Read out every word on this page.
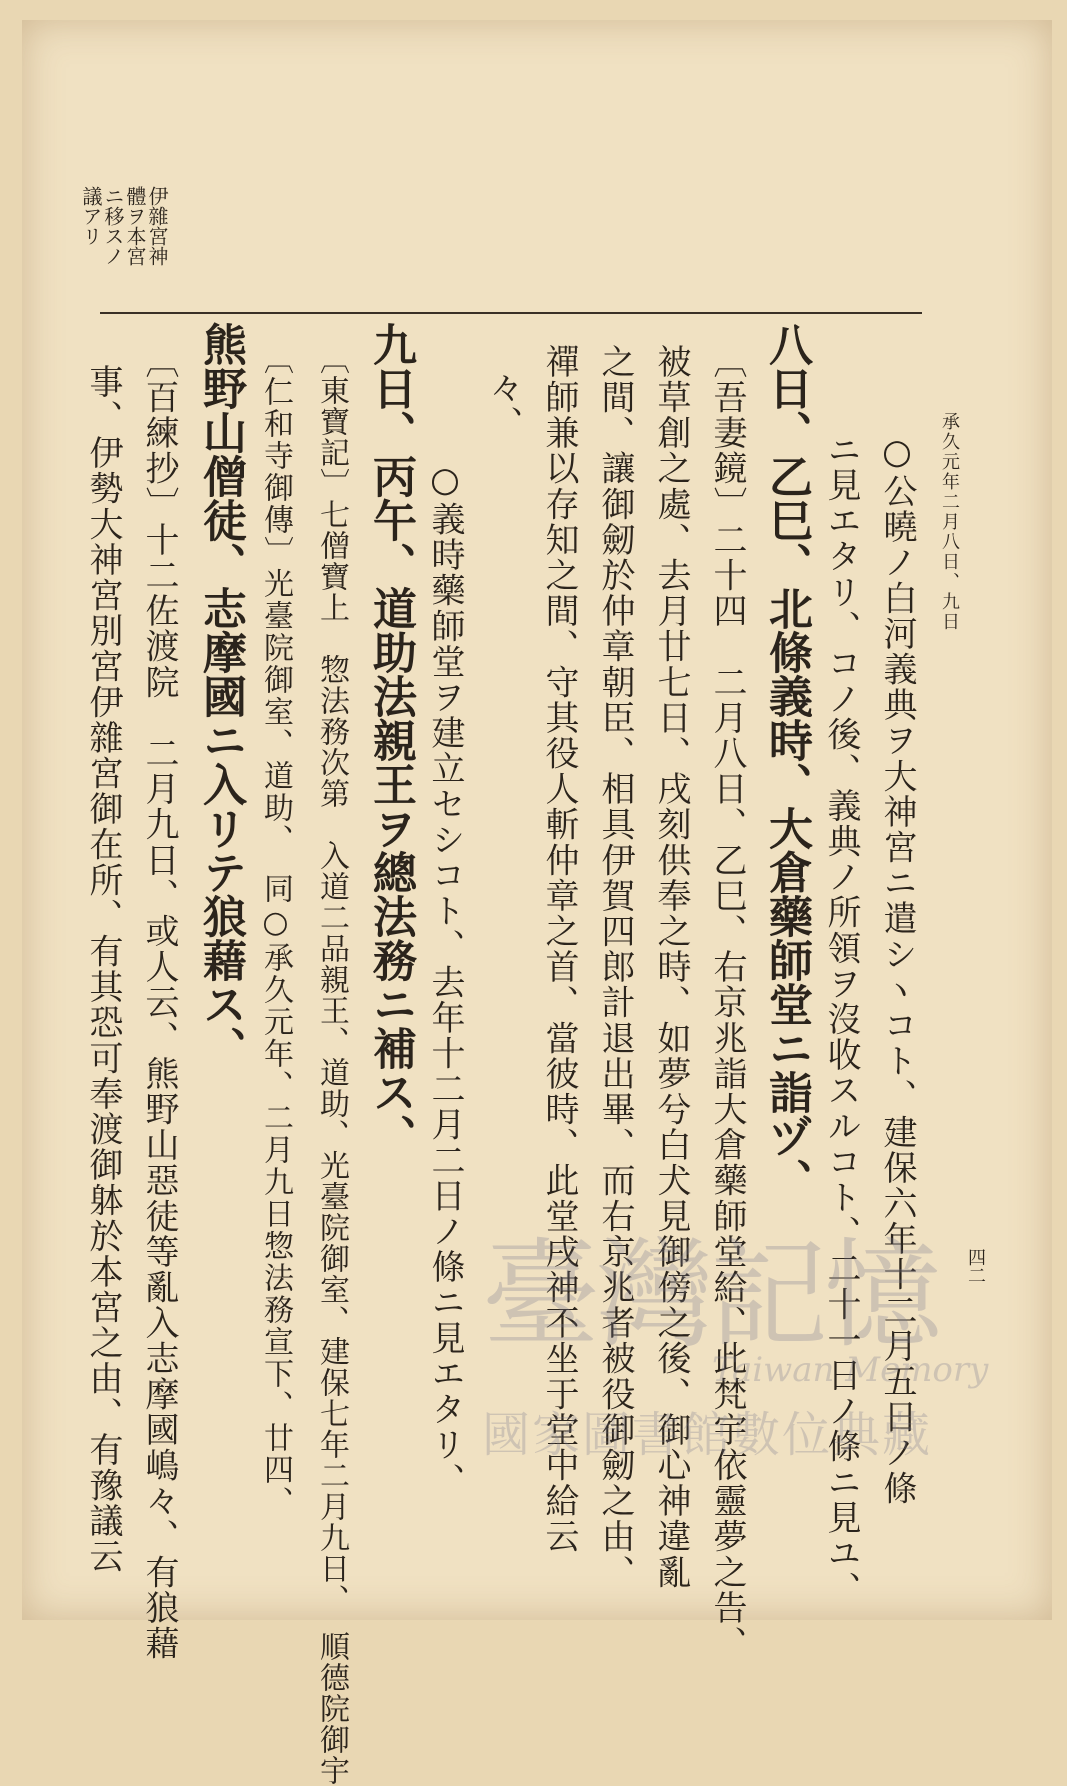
承久元年二月八日、九日
四二
伊雜宮神
體ヲ本宮
ニ移スノ
議アリ
○公曉ノ白河義典ヲ大神宮ニ遣シヽコト、建保六年十二月五日ノ條
ニ見エタリ、コノ後、義典ノ所領ヲ沒收スルコト、二十一日ノ條ニ見ユ、
八日、乙巳、北條義時、大倉藥師堂ニ詣ヅ、
〔吾妻鏡〕二十四　二月八日、乙巳、右京兆詣大倉藥師堂給、此梵宇依靈夢之告、
被草創之處、去月廿七日、戌刻供奉之時、如夢兮白犬見御傍之後、御心神違亂
之間、讓御劒於仲章朝臣、相具伊賀四郎計退出畢、而右京兆者被役御劒之由、
禪師兼以存知之間、守其役人斬仲章之首、當彼時、此堂戌神不坐于堂中給云
々、
○義時藥師堂ヲ建立セシコト、去年十二月二日ノ條ニ見エタリ、
九日、丙午、道助法親王ヲ總法務ニ補ス、
〔東寶記〕七僧寶上　惣法務次第　入道二品親王、道助、光臺院御室、建保七年二月九日、　順德院御宇
〔仁和寺御傳〕光臺院御室、道助、　同○承久元年、二月九日惣法務宣下、廿四、
熊野山僧徒、志摩國ニ入リテ狼藉ス、
〔百練抄〕十二佐渡院　二月九日、或人云、熊野山惡徒等亂入志摩國嶋々、有狼藉
事、伊勢大神宮別宮伊雜宮御在所、有其恐可奉渡御躰於本宮之由、有豫議云	臺灣記憶
Taiwan Memory
國家圖書館數位典藏
